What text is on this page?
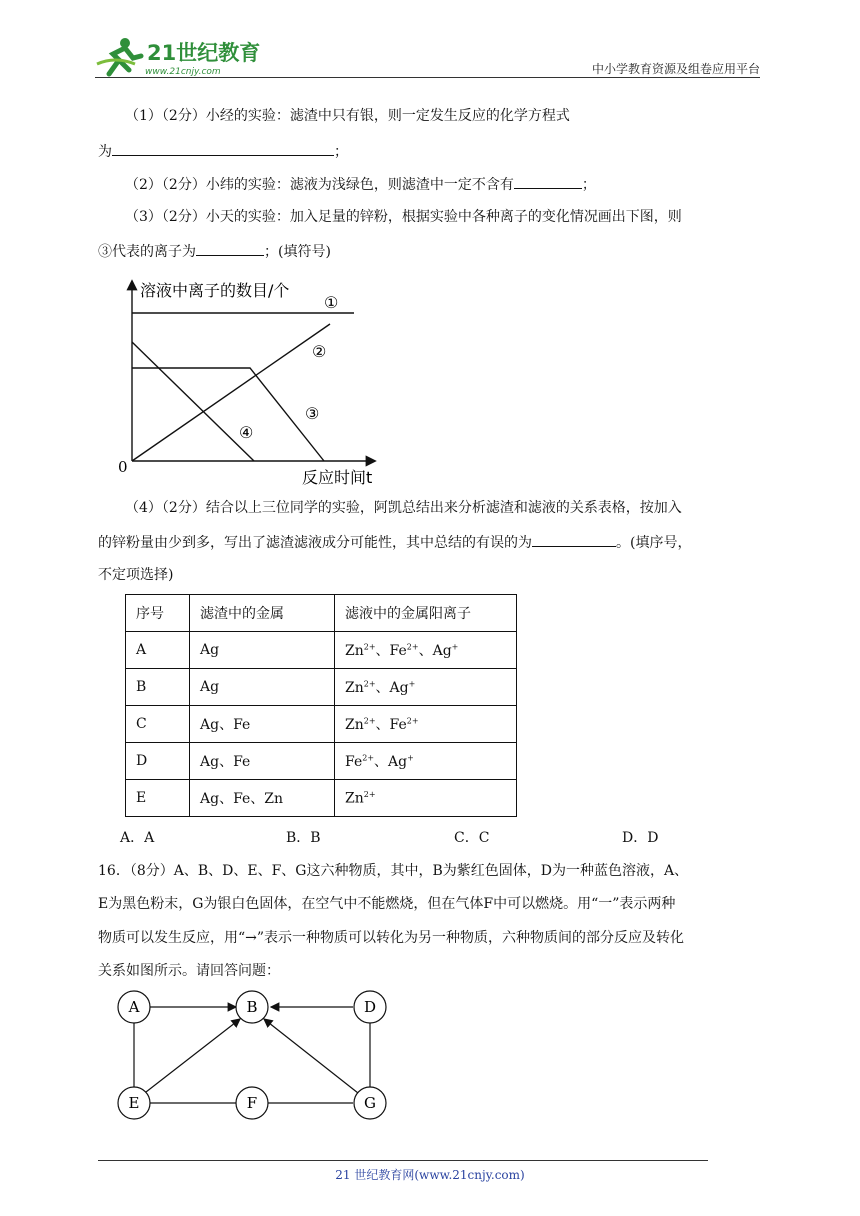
21世纪教育
www.21cnjy.com	中小学教育资源及组卷应用平台
（1）（2分）小经的实验：滤渣中只有银，则一定发生反应的化学方程式
为	；
（2）（2分）小纬的实验：滤液为浅绿色，则滤渣中一定不含有	；
（3）（2分）小天的实验：加入足量的锌粉，根据实验中各种离子的变化情况画出下图，则
③代表的离子为	；(填符号)
溶液中离子的数目/个
反应时间t
0
①
②
③
④
（4）（2分）结合以上三位同学的实验，阿凯总结出来分析滤渣和滤液的关系表格，按加入
的锌粉量由少到多，写出了滤渣滤液成分可能性，其中总结的有误的为	。(填序号，
不定项选择)
序号	滤渣中的金属	滤液中的金属阳离子
A	Ag	$Zn^{2+}$、$Fe^{2+}$、Ag+
B	Ag	$Zn^{2+}$、Ag+
C	Ag、Fe	$Zn^{2+}$、$Fe^{2+}$
D	Ag、Fe	$Fe^{2+}$、Ag+
E	Ag、Fe、Zn	$Zn^{2+}$
A．A	B．B	C．C	D．D
16．（8分）A、B、D、E、F、G这六种物质，其中，B为紫红色固体，D为一种蓝色溶液，A、
E为黑色粉末，G为银白色固体，在空气中不能燃烧，但在气体F中可以燃烧。用“一”表示两种
物质可以发生反应，用“→”表示一种物质可以转化为另一种物质，六种物质间的部分反应及转化
关系如图所示。请回答问题：
A	B	D
E	F	G
21 世纪教育网(www.21cnjy.com)
